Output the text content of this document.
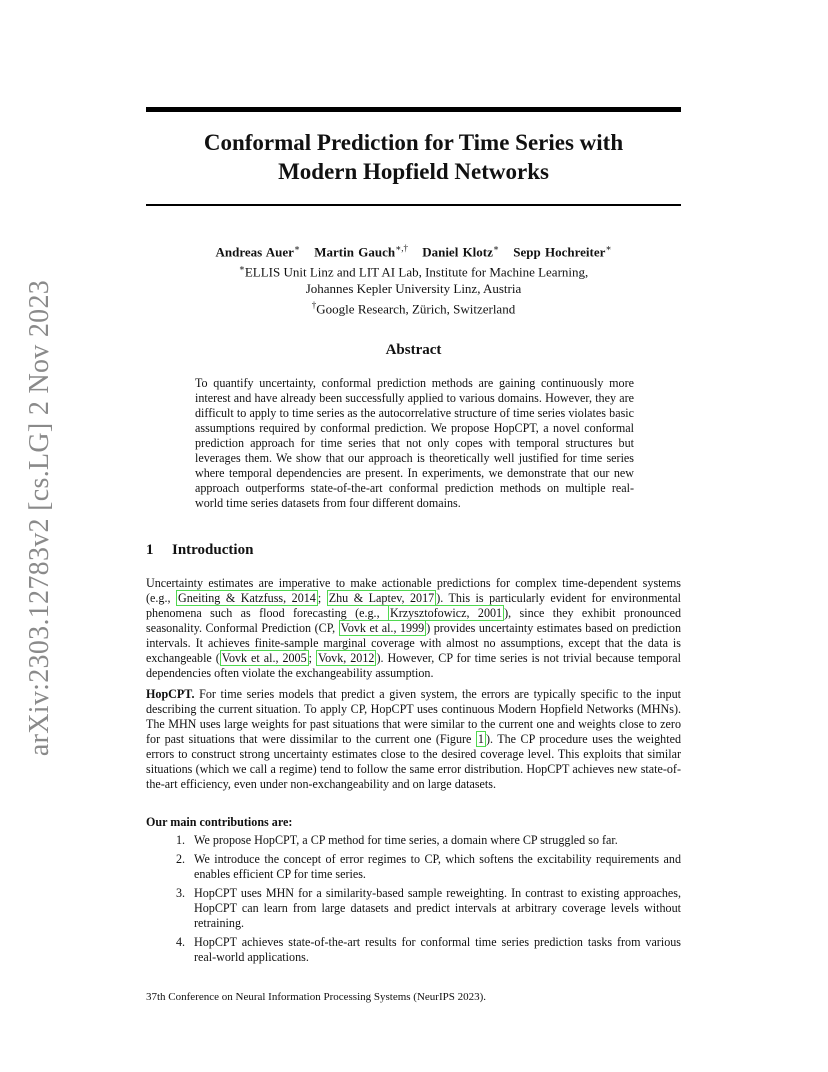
arXiv:2303.12783v2 [cs.LG] 2 Nov 2023
Conformal Prediction for Time Series with
Modern Hopfield Networks
Andreas Auer∗ Martin Gauch∗,† Daniel Klotz∗ Sepp Hochreiter∗
∗ELLIS Unit Linz and LIT AI Lab, Institute for Machine Learning,
Johannes Kepler University Linz, Austria
†Google Research, Zürich, Switzerland
Abstract
To quantify uncertainty, conformal prediction methods are gaining continuously more interest and have already been successfully applied to various domains. However, they are difficult to apply to time series as the autocorrelative structure of time series violates basic assumptions required by conformal prediction. We propose HopCPT, a novel conformal prediction approach for time series that not only copes with temporal structures but leverages them. We show that our approach is theoretically well justified for time series where temporal dependencies are present. In experiments, we demonstrate that our new approach outperforms state-of-the-art conformal prediction methods on multiple real-world time series datasets from four different domains.
1 Introduction
Uncertainty estimates are imperative to make actionable predictions for complex time-dependent systems (e.g., Gneiting & Katzfuss, 2014 ; Zhu & Laptev, 2017 ). This is particularly evident for environmental phenomena such as flood forecasting (e.g., Krzysztofowicz, 2001 ), since they exhibit pronounced seasonality. Conformal Prediction (CP, Vovk et al., 1999 ) provides uncertainty estimates based on prediction intervals. It achieves finite-sample marginal coverage with almost no assumptions, except that the data is exchangeable ( Vovk et al., 2005 ; Vovk, 2012 ). However, CP for time series is not trivial because temporal dependencies often violate the exchangeability assumption.
HopCPT. For time series models that predict a given system, the errors are typically specific to the input describing the current situation. To apply CP, HopCPT uses continuous Modern Hopfield Networks (MHNs). The MHN uses large weights for past situations that were similar to the current one and weights close to zero for past situations that were dissimilar to the current one (Figure 1 ). The CP procedure uses the weighted errors to construct strong uncertainty estimates close to the desired coverage level. This exploits that similar situations (which we call a regime) tend to follow the same error distribution. HopCPT achieves new state-of-the-art efficiency, even under non-exchangeability and on large datasets.
Our main contributions are:
1. We propose HopCPT, a CP method for time series, a domain where CP struggled so far.
2. We introduce the concept of error regimes to CP, which softens the excitability requirements and enables efficient CP for time series.
3. HopCPT uses MHN for a similarity-based sample reweighting. In contrast to existing approaches, HopCPT can learn from large datasets and predict intervals at arbitrary coverage levels without retraining.
4. HopCPT achieves state-of-the-art results for conformal time series prediction tasks from various real-world applications.
37th Conference on Neural Information Processing Systems (NeurIPS 2023).
